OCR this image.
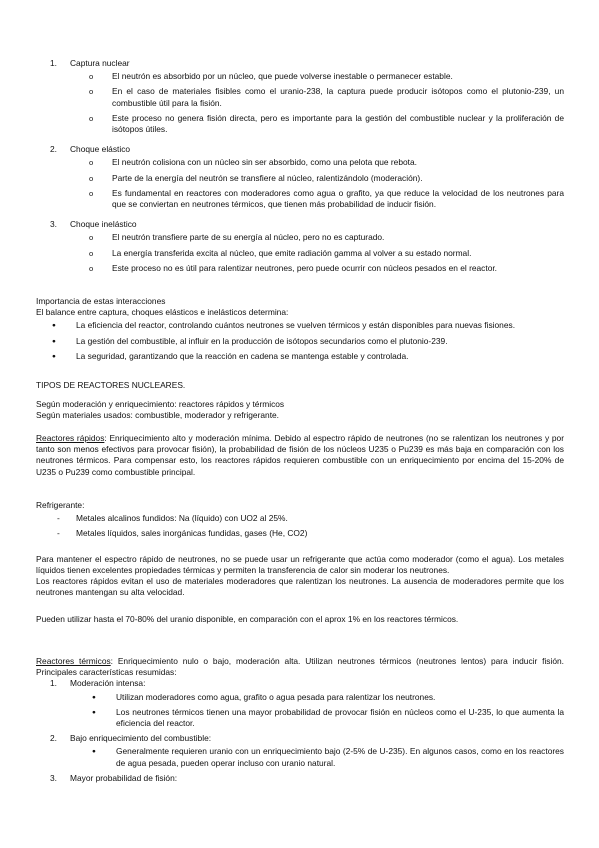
1. Captura nuclear
o El neutrón es absorbido por un núcleo, que puede volverse inestable o permanecer estable.
o En el caso de materiales fisibles como el uranio-238, la captura puede producir isótopos como el plutonio-239, un combustible útil para la fisión.
o Este proceso no genera fisión directa, pero es importante para la gestión del combustible nuclear y la proliferación de isótopos útiles.
2. Choque elástico
o El neutrón colisiona con un núcleo sin ser absorbido, como una pelota que rebota.
o Parte de la energía del neutrón se transfiere al núcleo, ralentizándolo (moderación).
o Es fundamental en reactores con moderadores como agua o grafito, ya que reduce la velocidad de los neutrones para que se conviertan en neutrones térmicos, que tienen más probabilidad de inducir fisión.
3. Choque inelástico
o El neutrón transfiere parte de su energía al núcleo, pero no es capturado.
o La energía transferida excita al núcleo, que emite radiación gamma al volver a su estado normal.
o Este proceso no es útil para ralentizar neutrones, pero puede ocurrir con núcleos pesados en el reactor.
Importancia de estas interacciones
El balance entre captura, choques elásticos e inelásticos determina:
● La eficiencia del reactor, controlando cuántos neutrones se vuelven térmicos y están disponibles para nuevas fisiones.
● La gestión del combustible, al influir en la producción de isótopos secundarios como el plutonio-239.
● La seguridad, garantizando que la reacción en cadena se mantenga estable y controlada.
TIPOS DE REACTORES NUCLEARES.
Según moderación y enriquecimiento: reactores rápidos y térmicos
Según materiales usados: combustible, moderador y refrigerante.
Reactores rápidos: Enriquecimiento alto y moderación mínima. Debido al espectro rápido de neutrones (no se ralentizan los neutrones y por tanto son menos efectivos para provocar fisión), la probabilidad de fisión de los núcleos U235 o Pu239 es más baja en comparación con los neutrones térmicos. Para compensar esto, los reactores rápidos requieren combustible con un enriquecimiento por encima del 15-20% de U235 o Pu239 como combustible principal.
Refrigerante:
- Metales alcalinos fundidos: Na (líquido) con UO2 al 25%.
- Metales líquidos, sales inorgánicas fundidas, gases (He, CO2)
Para mantener el espectro rápido de neutrones, no se puede usar un refrigerante que actúa como moderador (como el agua). Los metales líquidos tienen excelentes propiedades térmicas y permiten la transferencia de calor sin moderar los neutrones.
Los reactores rápidos evitan el uso de materiales moderadores que ralentizan los neutrones. La ausencia de moderadores permite que los neutrones mantengan su alta velocidad.
Pueden utilizar hasta el 70-80% del uranio disponible, en comparación con el aprox 1% en los reactores térmicos.
Reactores térmicos: Enriquecimiento nulo o bajo, moderación alta. Utilizan neutrones térmicos (neutrones lentos) para inducir fisión. Principales características resumidas:
1. Moderación intensa:
● Utilizan moderadores como agua, grafito o agua pesada para ralentizar los neutrones.
● Los neutrones térmicos tienen una mayor probabilidad de provocar fisión en núcleos como el U-235, lo que aumenta la eficiencia del reactor.
2. Bajo enriquecimiento del combustible:
● Generalmente requieren uranio con un enriquecimiento bajo (2-5% de U-235). En algunos casos, como en los reactores de agua pesada, pueden operar incluso con uranio natural.
3. Mayor probabilidad de fisión:
